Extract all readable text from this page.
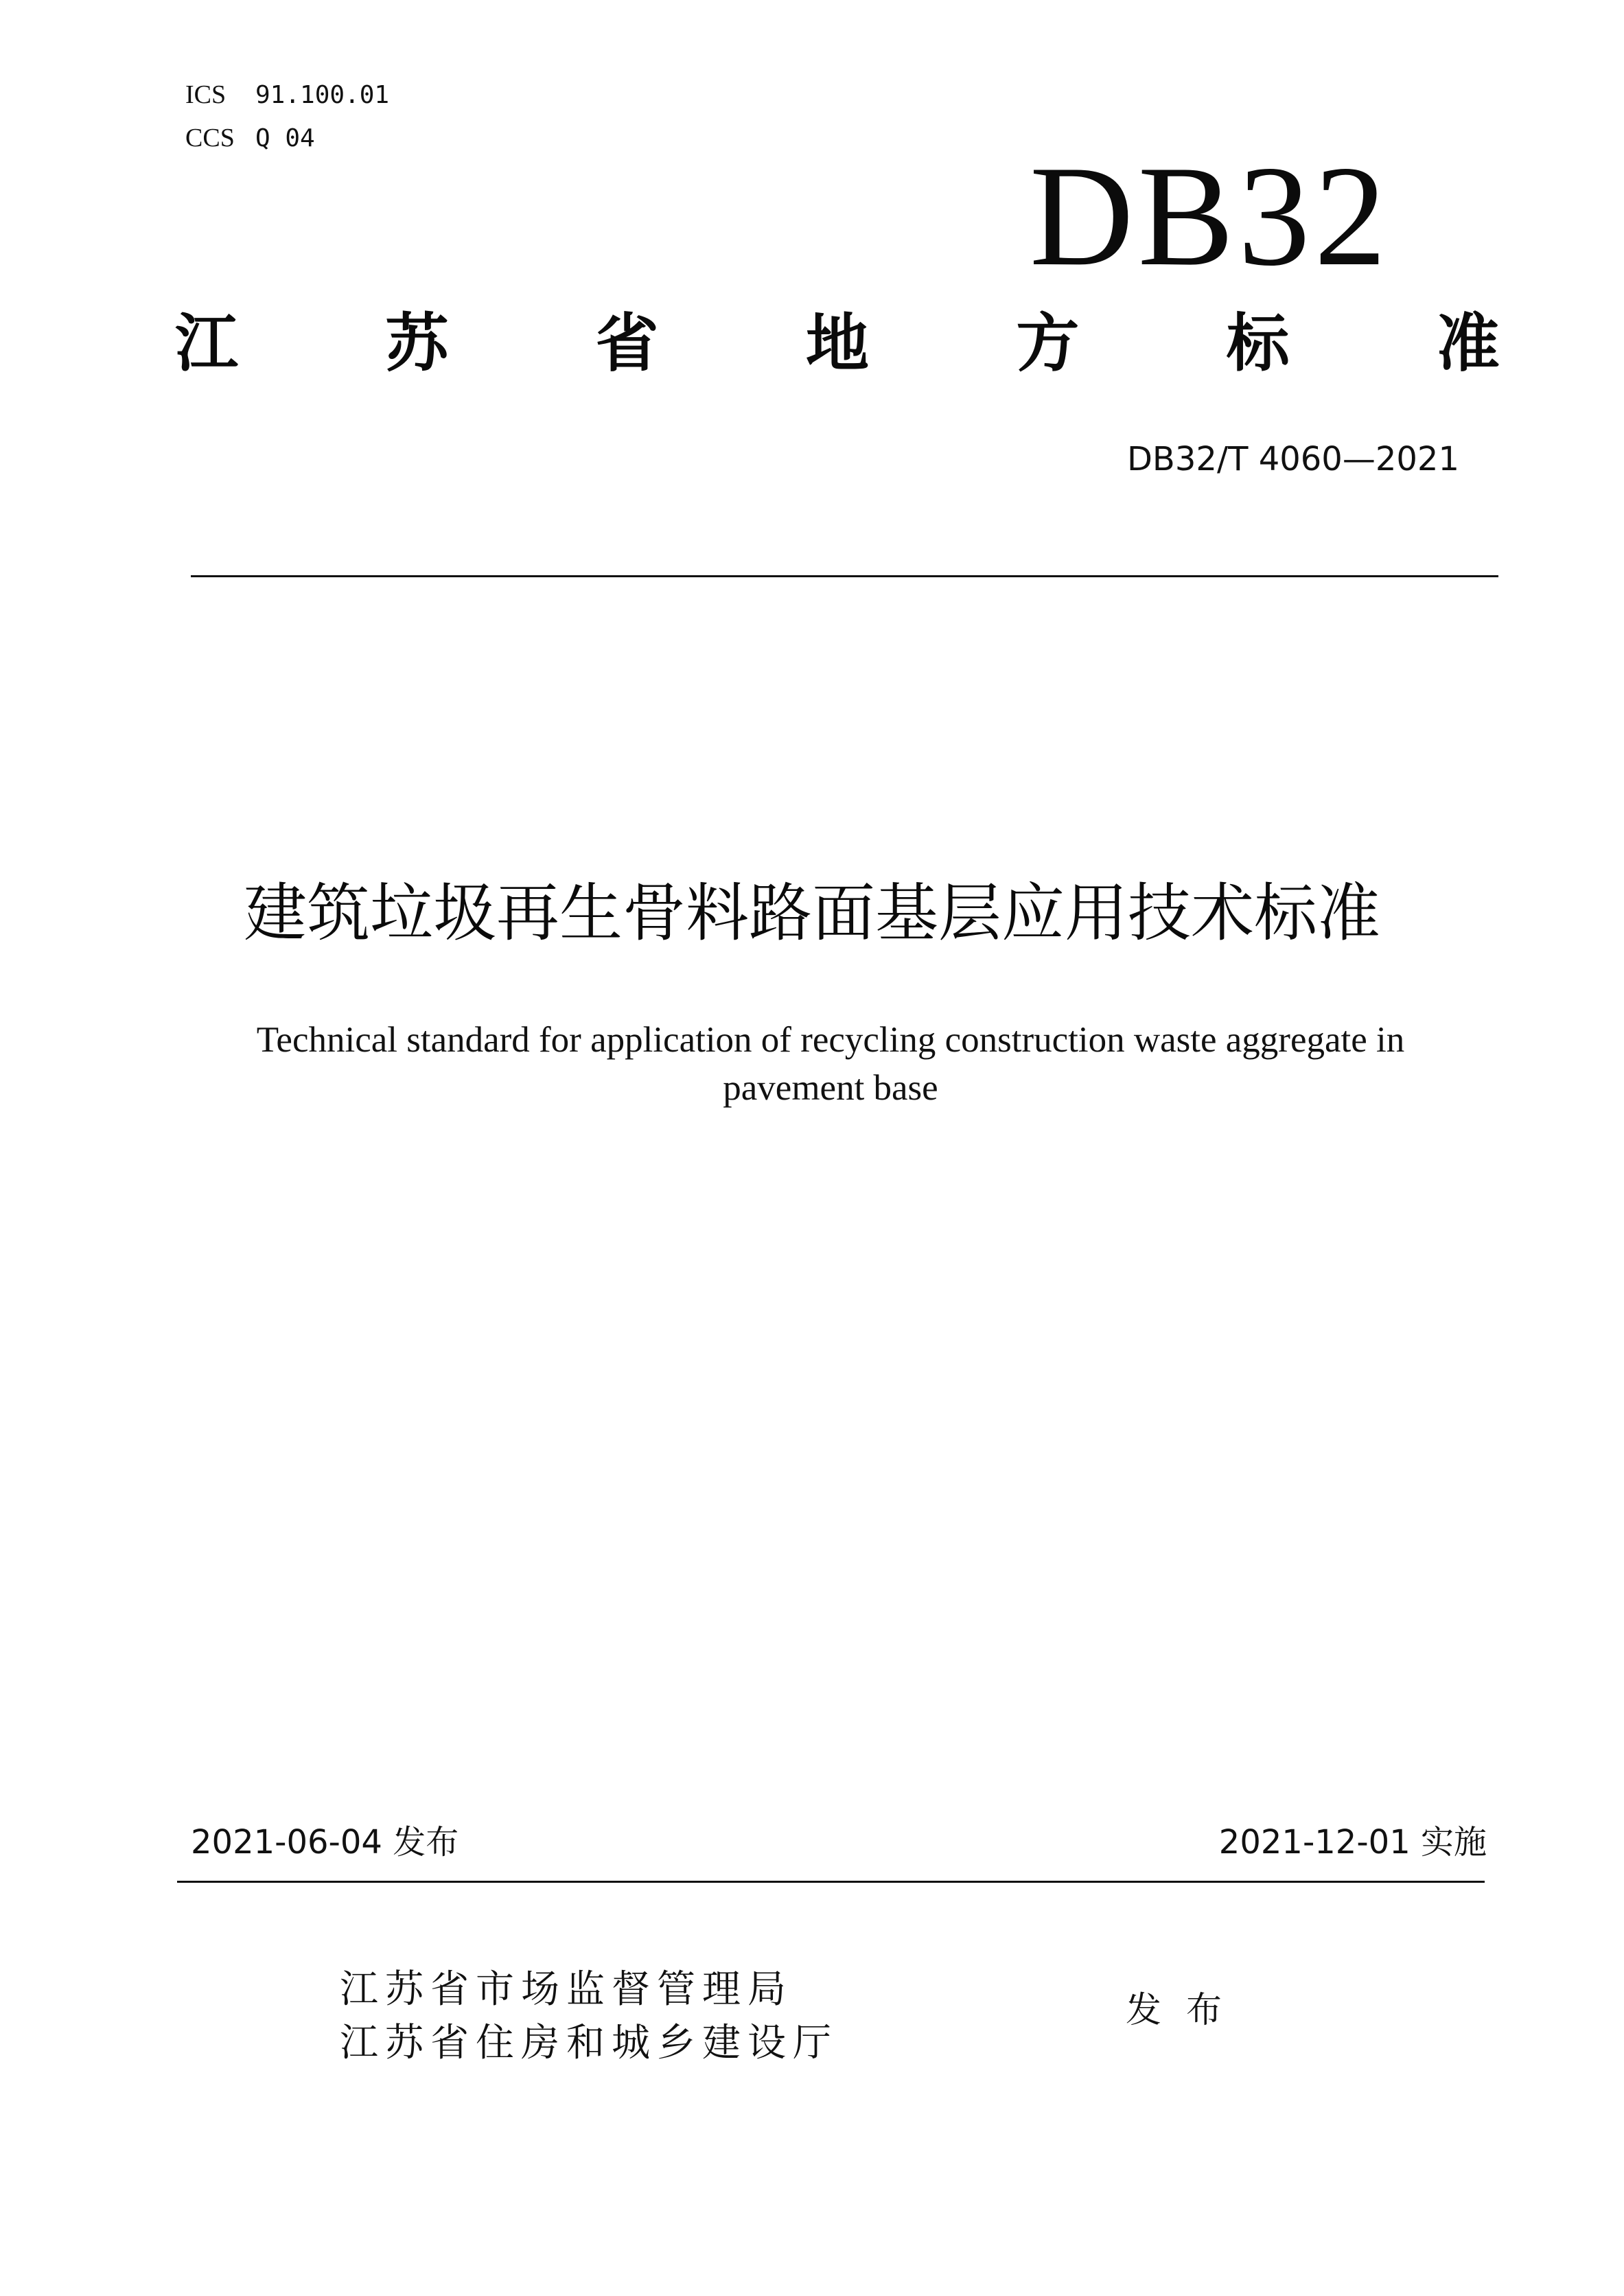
ICS 91.100.01
CCS Q 04	DB32
江 苏 省 地 方 标 准
DB32/T 4060—2021
建筑垃圾再生骨料路面基层应用技术标准
Technical standard for application of recycling construction waste aggregate in pavement base
2021-06-04 发布	2021-12-01 实施
江苏省市场监督管理局
江苏省住房和城乡建设厅
发布
